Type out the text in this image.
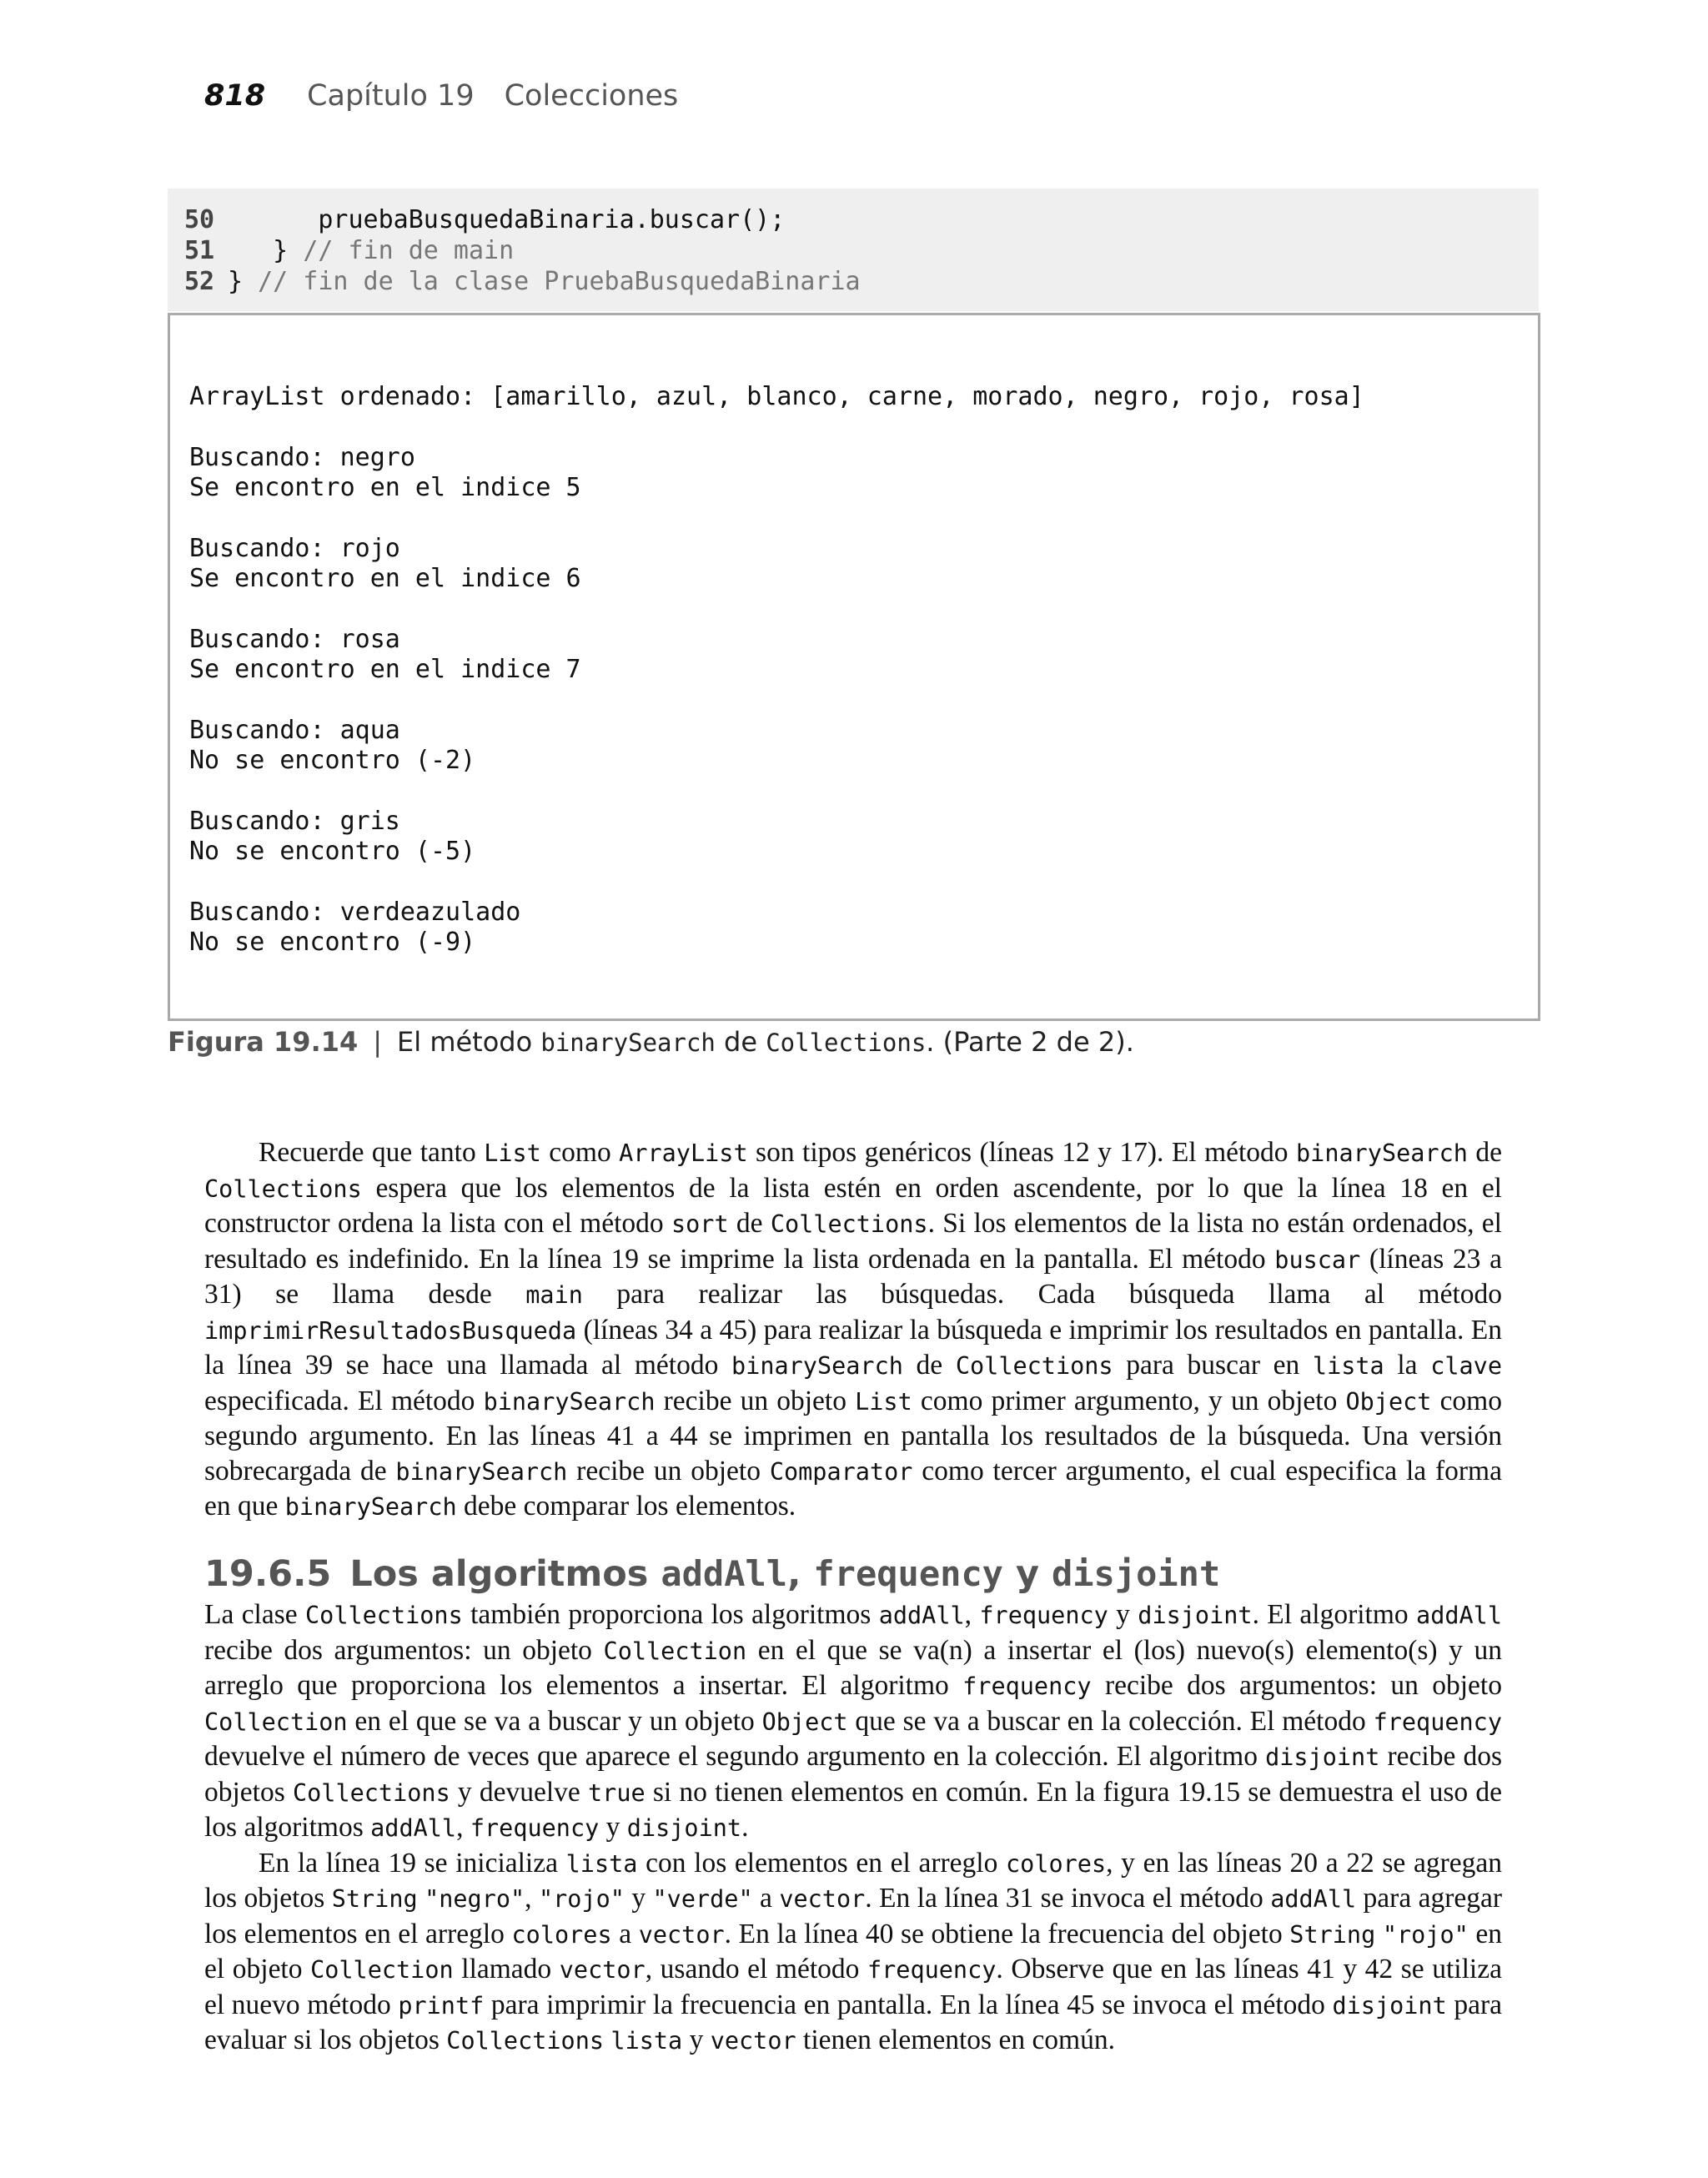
818 Capítulo 19 Colecciones
50      pruebaBusquedaBinaria.buscar();
51   } // fin de main
52 } // fin de la clase PruebaBusquedaBinaria
ArrayList ordenado: [amarillo, azul, blanco, carne, morado, negro, rojo, rosa]
Buscando: negro
Se encontro en el indice 5
Buscando: rojo
Se encontro en el indice 6
Buscando: rosa
Se encontro en el indice 7
Buscando: aqua
No se encontro (-2)
Buscando: gris
No se encontro (-5)
Buscando: verdeazulado
No se encontro (-9)
Figura 19.14 | El método binarySearch de Collections. (Parte 2 de 2).

Recuerde que tanto List como ArrayList son tipos genéricos (líneas 12 y 17). El método binarySearch de Collections espera que los elementos de la lista estén en orden ascendente, por lo que la línea 18 en el constructor ordena la lista con el método sort de Collections. Si los elementos de la lista no están ordenados, el resultado es indefinido. En la línea 19 se imprime la lista ordenada en la pantalla. El método buscar (líneas 23 a 31) se llama desde main para realizar las búsquedas. Cada búsqueda llama al método imprimirResultadosBusqueda (líneas 34 a 45) para realizar la búsqueda e imprimir los resultados en pantalla. En la línea 39 se hace una llamada al método binarySearch de Collections para buscar en lista la clave especificada. El método binarySearch recibe un objeto List como primer argumento, y un objeto Object como segundo argumento. En las líneas 41 a 44 se imprimen en pantalla los resultados de la búsqueda. Una versión sobrecargada de binarySearch recibe un objeto Comparator como tercer argumento, el cual especifica la forma en que binarySearch debe comparar los elementos.

19.6.5 Los algoritmos addAll, frequency y disjoint

La clase Collections también proporciona los algoritmos addAll, frequency y disjoint. El algoritmo addAll recibe dos argumentos: un objeto Collection en el que se va(n) a insertar el (los) nuevo(s) elemento(s) y un arreglo que proporciona los elementos a insertar. El algoritmo frequency recibe dos argumentos: un objeto Collection en el que se va a buscar y un objeto Object que se va a buscar en la colección. El método frequency devuelve el número de veces que aparece el segundo argumento en la colección. El algoritmo disjoint recibe dos objetos Collections y devuelve true si no tienen elementos en común. En la figura 19.15 se demuestra el uso de los algoritmos addAll, frequency y disjoint.

En la línea 19 se inicializa lista con los elementos en el arreglo colores, y en las líneas 20 a 22 se agregan los objetos String "negro", "rojo" y "verde" a vector. En la línea 31 se invoca el método addAll para agregar los elementos en el arreglo colores a vector. En la línea 40 se obtiene la frecuencia del objeto String "rojo" en el objeto Collection llamado vector, usando el método frequency. Observe que en las líneas 41 y 42 se utiliza el nuevo método printf para imprimir la frecuencia en pantalla. En la línea 45 se invoca el método disjoint para evaluar si los objetos Collections lista y vector tienen elementos en común.
